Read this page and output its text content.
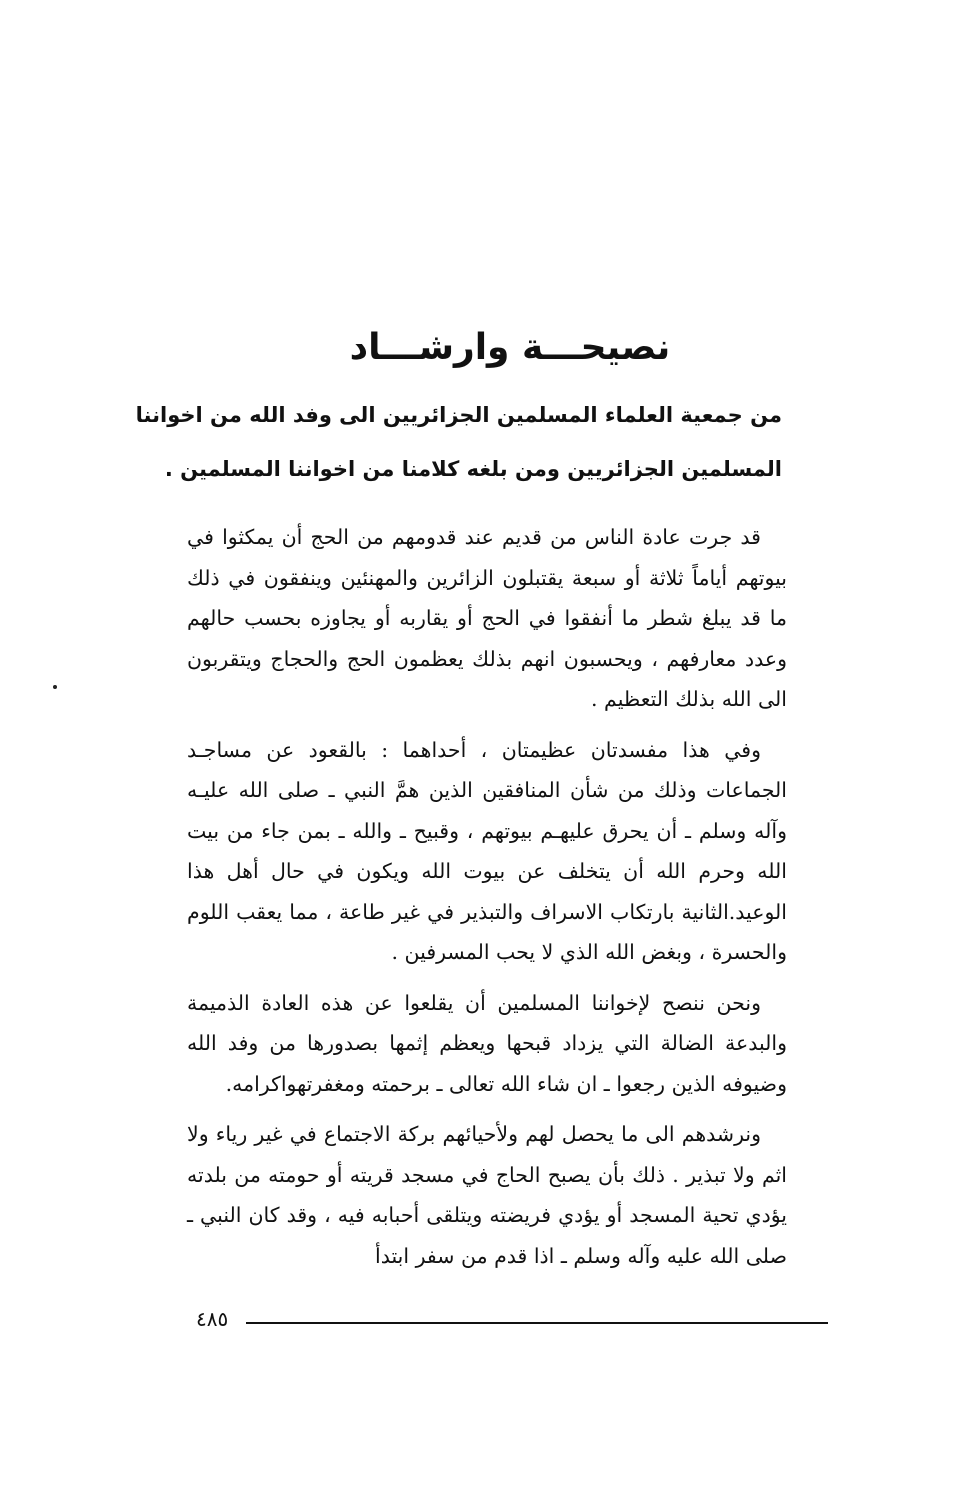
نصيحـــة وارشـــاد
من جمعية العلماء المسلمين الجزائريين الى وفد الله من اخواننا
المسلمين الجزائريين ومن بلغه كلامنا من اخواننا المسلمين .

قد جرت عادة الناس من قديم عند قدومهم من الحج أن يمكثوا في بيوتهم أياماً ثلاثة أو سبعة يقتبلون الزائرين والمهنئين وينفقون في ذلك ما قد يبلغ شطر ما أنفقوا في الحج أو يقاربه أو يجاوزه بحسب حالهم وعدد معارفهم ، ويحسبون انهم بذلك يعظمون الحج والحجاج ويتقربون الى الله بذلك التعظيم .

وفي هذا مفسدتان عظيمتان ، أحداهما : بالقعود عن مساجـد الجماعات وذلك من شأن المنافقين الذين همَّ النبي ـ صلى الله عليـه وآله وسلم ـ أن يحرق عليهـم بيوتهم ، وقبيح ـ والله ـ بمن جاء من بيت الله وحرم الله أن يتخلف عن بيوت الله ويكون في حال أهل هذا الوعيد.الثانية بارتكاب الاسراف والتبذير في غير طاعة ، مما يعقب اللوم والحسرة ، وبغض الله الذي لا يحب المسرفين .

ونحن ننصح لإخواننا المسلمين أن يقلعوا عن هذه العادة الذميمة والبدعة الضالة التي يزداد قبحها ويعظم إثمها بصدورها من وفد الله وضيوفه الذين رجعوا ـ ان شاء الله تعالى ـ برحمته ومغفرتهواكرامه.

ونرشدهم الى ما يحصل لهم ولأحيائهم بركة الاجتماع في غير رياء ولا اثم ولا تبذير . ذلك بأن يصبح الحاج في مسجد قريته أو حومته من بلدته يؤدي تحية المسجد أو يؤدي فريضته ويتلقى أحبابه فيه ، وقد كان النبي ـ صلى الله عليه وآله وسلم ـ اذا قدم من سفر ابتدأ

٤٨٥
